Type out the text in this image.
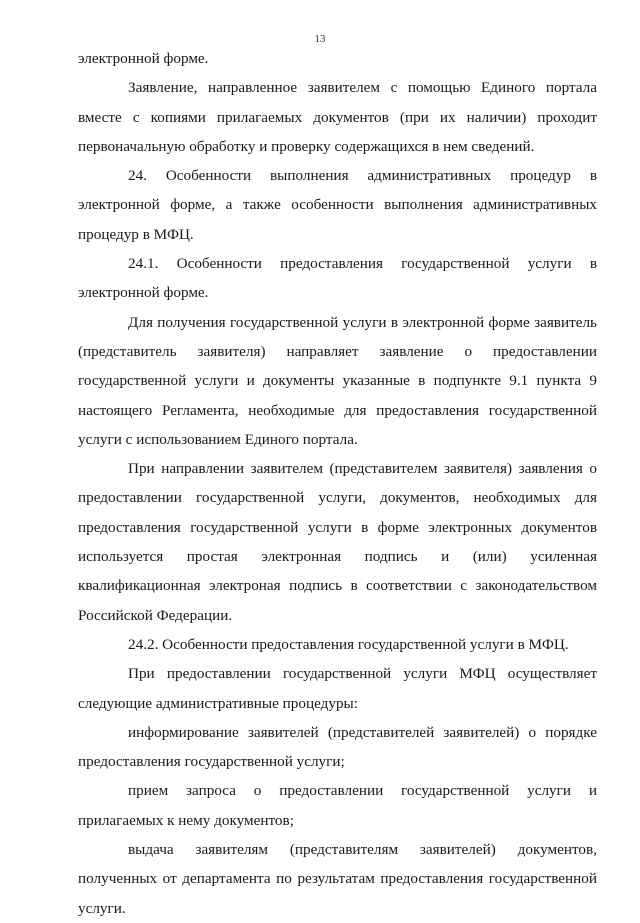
13

электронной форме.

Заявление, направленное заявителем с помощью Единого портала вместе с копиями прилагаемых документов (при их наличии) проходит первоначальную обработку и проверку содержащихся в нем сведений.

24. Особенности выполнения административных процедур в электронной форме, а также особенности выполнения административных процедур в МФЦ.

24.1. Особенности предоставления государственной услуги в электронной форме.

Для получения государственной услуги в электронной форме заявитель (представитель заявителя) направляет заявление о предоставлении государственной услуги и документы указанные в подпункте 9.1 пункта 9 настоящего Регламента, необходимые для предоставления государственной услуги с использованием Единого портала.

При направлении заявителем (представителем заявителя) заявления о предоставлении государственной услуги, документов, необходимых для предоставления государственной услуги в форме электронных документов используется простая электронная подпись и (или) усиленная квалификационная электроная подпись в соответствии с законодательством Российской Федерации.

24.2. Особенности предоставления государственной услуги в МФЦ.

При предоставлении государственной услуги МФЦ осуществляет следующие административные процедуры:

информирование заявителей (представителей заявителей) о порядке предоставления государственной услуги;

прием запроса о предоставлении государственной услуги и прилагаемых к нему документов;

выдача заявителям (представителям заявителей) документов, полученных от департамента по результатам предоставления государственной услуги.
